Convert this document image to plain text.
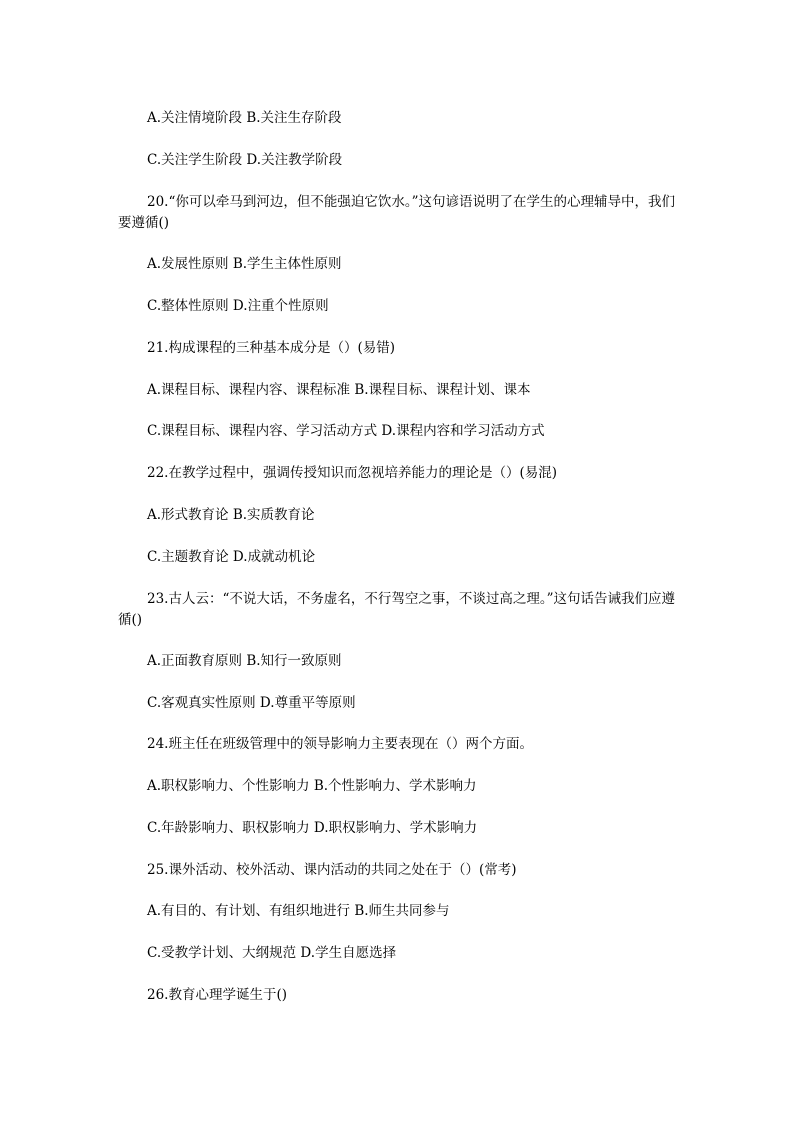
A.关注情境阶段 B.关注生存阶段

C.关注学生阶段 D.关注教学阶段

20.“你可以牵马到河边，但不能强迫它饮水。”这句谚语说明了在学生的心理辅导中，我们要遵循()

A.发展性原则 B.学生主体性原则

C.整体性原则 D.注重个性原则

21.构成课程的三种基本成分是（）(易错)

A.课程目标、课程内容、课程标准 B.课程目标、课程计划、课本

C.课程目标、课程内容、学习活动方式 D.课程内容和学习活动方式

22.在教学过程中，强调传授知识而忽视培养能力的理论是（）(易混)

A.形式教育论 B.实质教育论

C.主题教育论 D.成就动机论

23.古人云：“不说大话，不务虚名，不行驾空之事，不谈过高之理。”这句话告诫我们应遵循()

A.正面教育原则 B.知行一致原则

C.客观真实性原则 D.尊重平等原则

24.班主任在班级管理中的领导影响力主要表现在（）两个方面。

A.职权影响力、个性影响力 B.个性影响力、学术影响力

C.年龄影响力、职权影响力 D.职权影响力、学术影响力

25.课外活动、校外活动、课内活动的共同之处在于（）(常考)

A.有目的、有计划、有组织地进行 B.师生共同参与

C.受教学计划、大纲规范 D.学生自愿选择

26.教育心理学诞生于()
